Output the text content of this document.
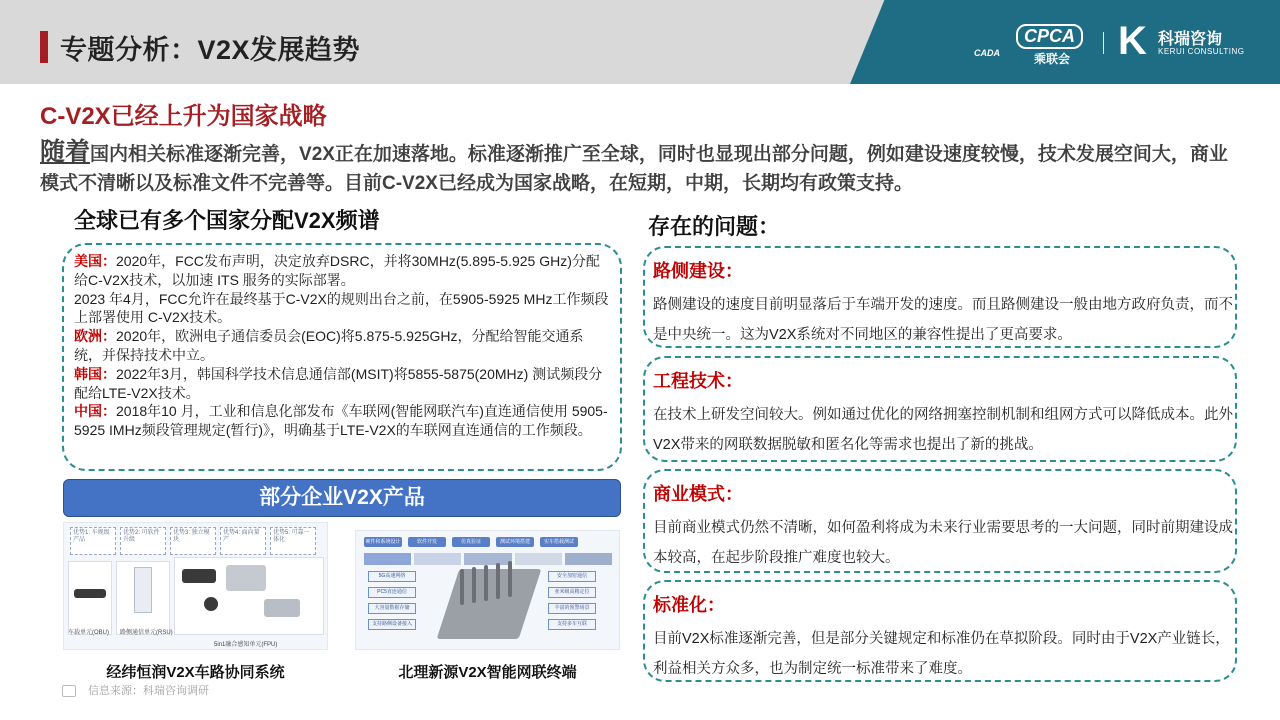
专题分析：V2X发展趋势	CADA
CPCA
乘联会 K 科瑞咨询
KERUI CONSULTING
C-V2X已经上升为国家战略
随着国内相关标准逐渐完善，V2X正在加速落地。标准逐渐推广至全球，同时也显现出部分问题，例如建设速度较慢，技术发展空间大，商业模式不清晰以及标准文件不完善等。目前C-V2X已经成为国家战略，在短期，中期，长期均有政策支持。
全球已有多个国家分配V2X频谱

美国：2020年，FCC发布声明，决定放弃DSRC，并将30MHz(5.895-5.925 GHz)分配给C-V2X技术，以加速 ITS 服务的实际部署。

2023 年4月，FCC允许在最终基于C-V2X的规则出台之前，在5905-5925 MHz工作频段上部署使用 C-V2X技术。

欧洲：2020年，欧洲电子通信委员会(EOC)将5.875-5.925GHz，分配给智能交通系统，并保持技术中立。

韩国：2022年3月，韩国科学技术信息通信部(MSIT)将5855-5875(20MHz) 测试频段分配给LTE-V2X技术。

中国：2018年10 月，工业和信息化部发布《车联网(智能网联汽车)直连通信使用 5905-5925 IMHz频段管理规定(暂行)》，明确基于LTE-V2X的车联网直连通信的工作频段。

部分企业V2X产品
优势1: 车规级产品
优势2: 可软件升级
优势3: 独立模块
优势4: 面向量产
优势5: 可靠一体化
车载单元(OBU) 路侧通信单元(RSU)
5in1融合感知单元(FPU)
硬件和系统设计	软件开发	仿真验证	测试环境搭建	实车搭载测试
5G高速网络
PC5直连通信
大容量数据存储
支持路侧设备接入
安全加密通信
亚米级高精定位
丰富的预警场景
支持多车互联
经纬恒润V2X车路协同系统	北理新源V2X智能网联终端
信息来源：科瑞咨询调研
存在的问题：
路侧建设：
路侧建设的速度目前明显落后于车端开发的速度。而且路侧建设一般由地方政府负责，而不是中央统一。这为V2X系统对不同地区的兼容性提出了更高要求。
工程技术：
在技术上研发空间较大。例如通过优化的网络拥塞控制机制和组网方式可以降低成本。此外V2X带来的网联数据脱敏和匿名化等需求也提出了新的挑战。
商业模式：
目前商业模式仍然不清晰，如何盈利将成为未来行业需要思考的一大问题，同时前期建设成本较高，在起步阶段推广难度也较大。
标准化：
目前V2X标准逐渐完善，但是部分关键规定和标准仍在草拟阶段。同时由于V2X产业链长，利益相关方众多，也为制定统一标准带来了难度。
